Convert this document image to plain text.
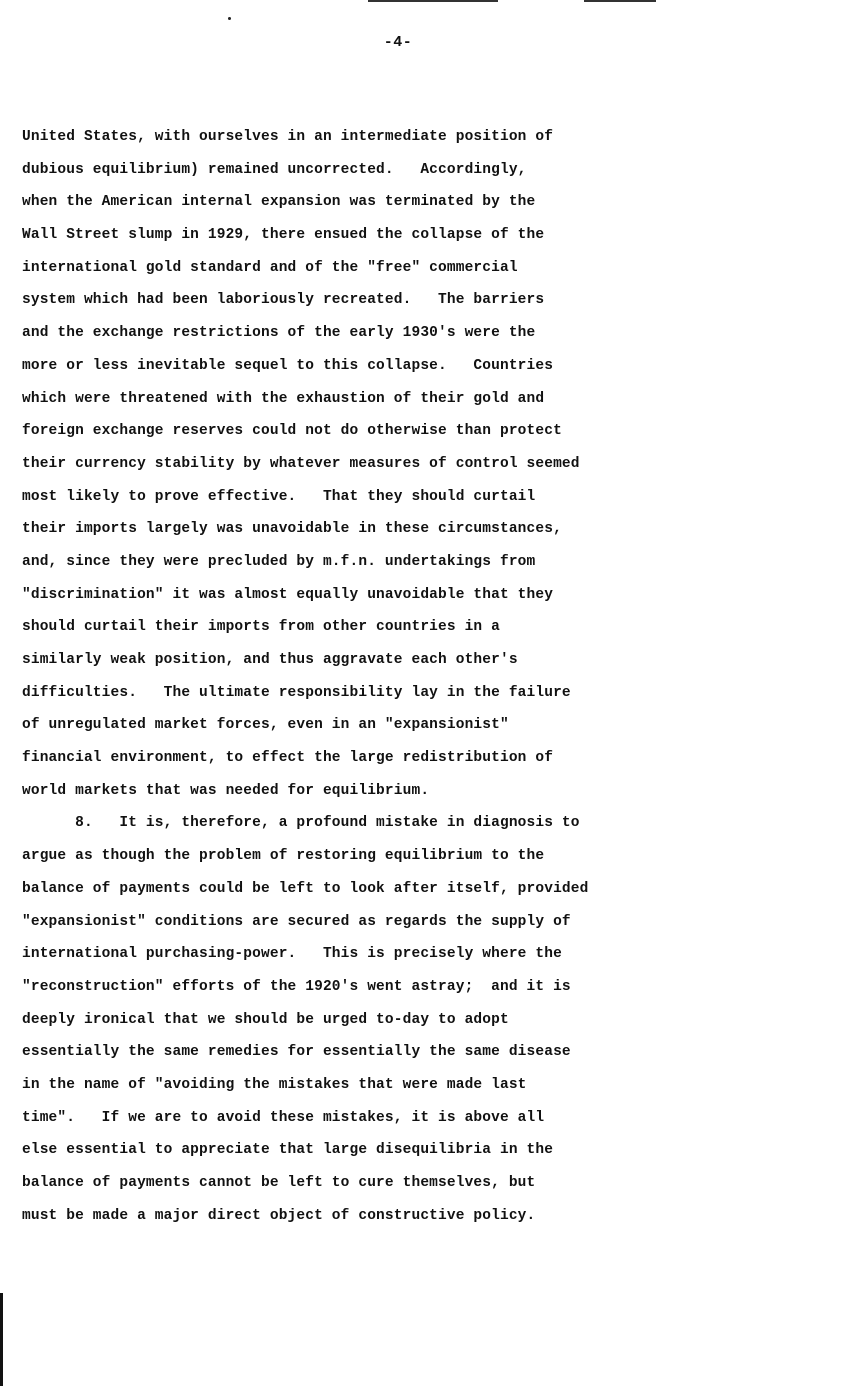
-4-
United States, with ourselves in an intermediate position of
dubious equilibrium) remained uncorrected.   Accordingly,
when the American internal expansion was terminated by the
Wall Street slump in 1929, there ensued the collapse of the
international gold standard and of the "free" commercial
system which had been laboriously recreated.   The barriers
and the exchange restrictions of the early 1930's were the
more or less inevitable sequel to this collapse.   Countries
which were threatened with the exhaustion of their gold and
foreign exchange reserves could not do otherwise than protect
their currency stability by whatever measures of control seemed
most likely to prove effective.   That they should curtail
their imports largely was unavoidable in these circumstances,
and, since they were precluded by m.f.n. undertakings from
"discrimination" it was almost equally unavoidable that they
should curtail their imports from other countries in a
similarly weak position, and thus aggravate each other's
difficulties.   The ultimate responsibility lay in the failure
of unregulated market forces, even in an "expansionist"
financial environment, to effect the large redistribution of
world markets that was needed for equilibrium.
8.   It is, therefore, a profound mistake in diagnosis to
argue as though the problem of restoring equilibrium to the
balance of payments could be left to look after itself, provided
"expansionist" conditions are secured as regards the supply of
international purchasing-power.   This is precisely where the
"reconstruction" efforts of the 1920's went astray;  and it is
deeply ironical that we should be urged to-day to adopt
essentially the same remedies for essentially the same disease
in the name of "avoiding the mistakes that were made last
time".   If we are to avoid these mistakes, it is above all
else essential to appreciate that large disequilibria in the
balance of payments cannot be left to cure themselves, but
must be made a major direct object of constructive policy.
